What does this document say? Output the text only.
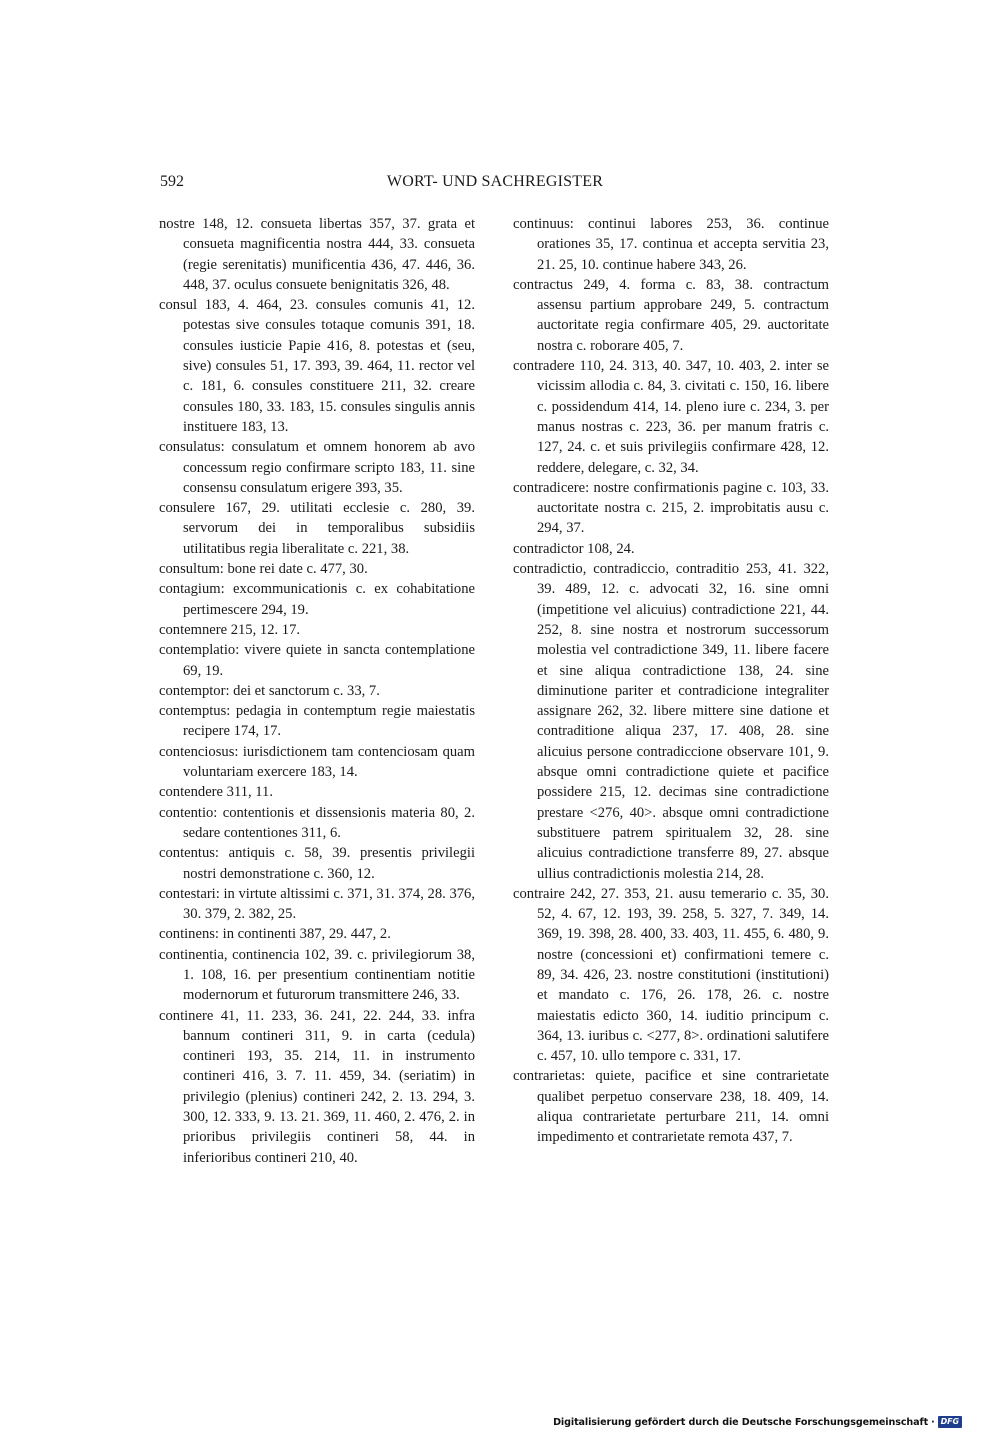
592	WORT- UND SACHREGISTER

nostre 148, 12. consueta libertas 357, 37. grata et consueta magnificentia nostra 444, 33. consueta (regie serenitatis) munificentia 436, 47. 446, 36. 448, 37. oculus consuete benignitatis 326, 48.

consul 183, 4. 464, 23. consules comunis 41, 12. potestas sive consules totaque comunis 391, 18. consules iusticie Papie 416, 8. potestas et (seu, sive) consules 51, 17. 393, 39. 464, 11. rector vel c. 181, 6. consules constituere 211, 32. creare consules 180, 33. 183, 15. consules singulis annis instituere 183, 13.

consulatus: consulatum et omnem honorem ab avo concessum regio confirmare scripto 183, 11. sine consensu consulatum erigere 393, 35.

consulere 167, 29. utilitati ecclesie c. 280, 39. servorum dei in temporalibus subsidiis utilitatibus regia liberalitate c. 221, 38.

consultum: bone rei date c. 477, 30.

contagium: excommunicationis c. ex cohabitatione pertimescere 294, 19.

contemnere 215, 12. 17.

contemplatio: vivere quiete in sancta contemplatione 69, 19.

contemptor: dei et sanctorum c. 33, 7.

contemptus: pedagia in contemptum regie maiestatis recipere 174, 17.

contenciosus: iurisdictionem tam contenciosam quam voluntariam exercere 183, 14.

contendere 311, 11.

contentio: contentionis et dissensionis materia 80, 2. sedare contentiones 311, 6.

contentus: antiquis c. 58, 39. presentis privilegii nostri demonstratione c. 360, 12.

contestari: in virtute altissimi c. 371, 31. 374, 28. 376, 30. 379, 2. 382, 25.

continens: in continenti 387, 29. 447, 2.

continentia, continencia 102, 39. c. privilegiorum 38, 1. 108, 16. per presentium continentiam notitie modernorum et futurorum transmittere 246, 33.

continere 41, 11. 233, 36. 241, 22. 244, 33. infra bannum contineri 311, 9. in carta (cedula) contineri 193, 35. 214, 11. in instrumento contineri 416, 3. 7. 11. 459, 34. (seriatim) in privilegio (plenius) contineri 242, 2. 13. 294, 3. 300, 12. 333, 9. 13. 21. 369, 11. 460, 2. 476, 2. in prioribus privilegiis contineri 58, 44. in inferioribus contineri 210, 40.

continuus: continui labores 253, 36. continue orationes 35, 17. continua et accepta servitia 23, 21. 25, 10. continue habere 343, 26.

contractus 249, 4. forma c. 83, 38. contractum assensu partium approbare 249, 5. contractum auctoritate regia confirmare 405, 29. auctoritate nostra c. roborare 405, 7.

contradere 110, 24. 313, 40. 347, 10. 403, 2. inter se vicissim allodia c. 84, 3. civitati c. 150, 16. libere c. possidendum 414, 14. pleno iure c. 234, 3. per manus nostras c. 223, 36. per manum fratris c. 127, 24. c. et suis privilegiis confirmare 428, 12. reddere, delegare, c. 32, 34.

contradicere: nostre confirmationis pagine c. 103, 33. auctoritate nostra c. 215, 2. improbitatis ausu c. 294, 37.

contradictor 108, 24.

contradictio, contradiccio, contraditio 253, 41. 322, 39. 489, 12. c. advocati 32, 16. sine omni (impetitione vel alicuius) contradictione 221, 44. 252, 8. sine nostra et nostrorum successorum molestia vel contradictione 349, 11. libere facere et sine aliqua contradictione 138, 24. sine diminutione pariter et contradicione integraliter assignare 262, 32. libere mittere sine datione et contraditione aliqua 237, 17. 408, 28. sine alicuius persone contradiccione observare 101, 9. absque omni contradictione quiete et pacifice possidere 215, 12. decimas sine contradictione prestare <276, 40>. absque omni contradictione substituere patrem spiritualem 32, 28. sine alicuius contradictione transferre 89, 27. absque ullius contradictionis molestia 214, 28.

contraire 242, 27. 353, 21. ausu temerario c. 35, 30. 52, 4. 67, 12. 193, 39. 258, 5. 327, 7. 349, 14. 369, 19. 398, 28. 400, 33. 403, 11. 455, 6. 480, 9. nostre (concessioni et) confirmationi temere c. 89, 34. 426, 23. nostre constitutioni (institutioni) et mandato c. 176, 26. 178, 26. c. nostre maiestatis edicto 360, 14. iuditio principum c. 364, 13. iuribus c. <277, 8>. ordinationi salutifere c. 457, 10. ullo tempore c. 331, 17.

contrarietas: quiete, pacifice et sine contrarietate qualibet perpetuo conservare 238, 18. 409, 14. aliqua contrarietate perturbare 211, 14. omni impedimento et contrarietate remota 437, 7.

Digitalisierung gefördert durch die Deutsche Forschungsgemeinschaft · DFG
